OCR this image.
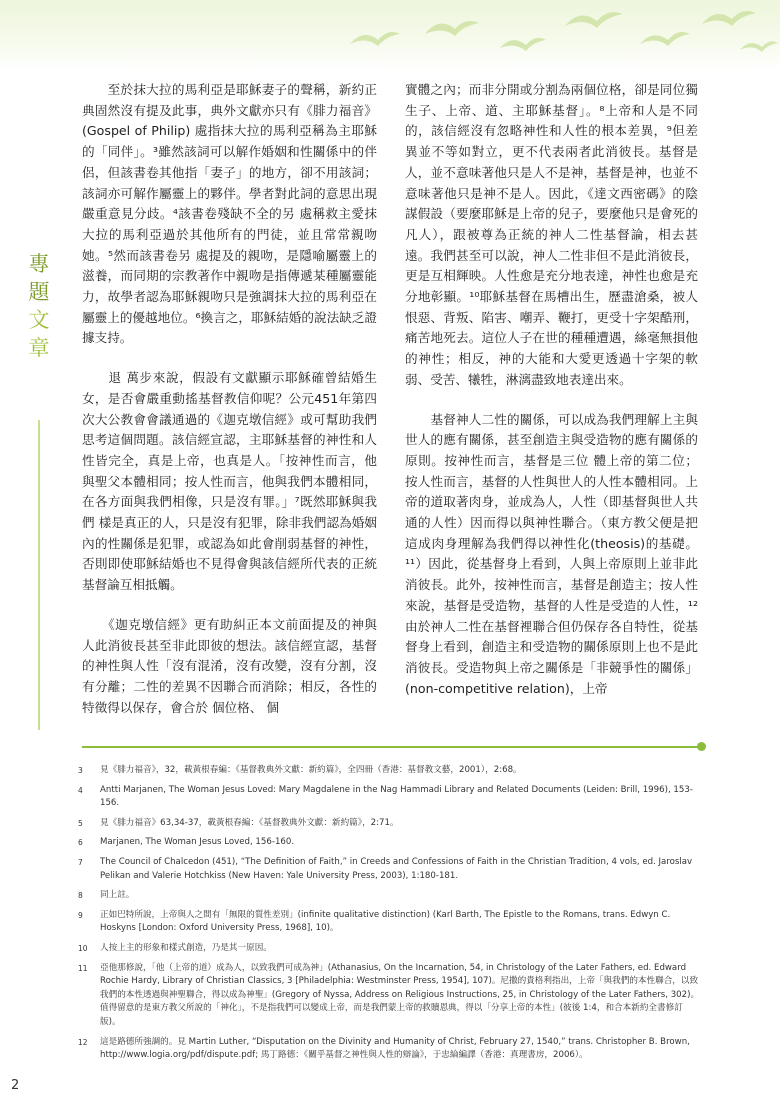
專
題
文
章

　　至於抹大拉的馬利亞是耶穌妻子的聲稱，新約正典固然沒有提及此事，典外文獻亦只有《腓力福音》(Gospel of Philip) 處指抹大拉的馬利亞稱為主耶穌的「同伴」。³雖然該詞可以解作婚姻和性關係中的伴侶，但該書卷其他指「妻子」的地方，卻不用該詞；該詞亦可解作屬靈上的夥伴。學者對此詞的意思出現嚴重意見分歧。⁴該書卷殘缺不全的另 處稱救主愛抹大拉的馬利亞過於其他所有的門徒，並且常常親吻她。⁵然而該書卷另 處提及的親吻，是隱喻屬靈上的滋養，而同期的宗教著作中親吻是指傳遞某種屬靈能力，故學者認為耶穌親吻只是強調抹大拉的馬利亞在屬靈上的優越地位。⁶換言之，耶穌結婚的說法缺乏證據支持。

　　退 萬步來說，假設有文獻顯示耶穌確曾結婚生女，是否會嚴重動搖基督教信仰呢？公元451年第四次大公教會會議通過的《迦克墩信經》或可幫助我們思考這個問題。該信經宣認，主耶穌基督的神性和人性皆完全，真是上帝，也真是人。「按神性而言，他與聖父本體相同；按人性而言，他與我們本體相同，在各方面與我們相像，只是沒有罪。」⁷既然耶穌與我們 樣是真正的人，只是沒有犯罪，除非我們認為婚姻內的性關係是犯罪，或認為如此會削弱基督的神性，否則即使耶穌結婚也不見得會與該信經所代表的正統基督論互相抵觸。

　　《迦克墩信經》更有助糾正本文前面提及的神與人此消彼長甚至非此即彼的想法。該信經宣認，基督的神性與人性「沒有混淆，沒有改變，沒有分割，沒有分離；二性的差異不因聯合而消除；相反，各性的特徵得以保存，會合於 個位格、 個

實體之內；而非分開或分割為兩個位格，卻是同位獨生子、上帝、道、主耶穌基督」。⁸上帝和人是不同的，該信經沒有忽略神性和人性的根本差異，⁹但差異並不等如對立，更不代表兩者此消彼長。基督是人，並不意味著他只是人不是神，基督是神，也並不意味著他只是神不是人。因此，《達文西密碼》的陰謀假設（要麼耶穌是上帝的兒子，要麼他只是會死的凡人），跟被尊為正統的神人二性基督論，相去甚遠。我們甚至可以說，神人二性非但不是此消彼長，更是互相輝映。人性愈是充分地表達，神性也愈是充分地彰顯。¹⁰耶穌基督在馬槽出生，歷盡滄桑，被人恨惡、背叛、陷害、嘲弄、鞭打，更受十字架酷刑，痛苦地死去。這位人子在世的種種遭遇，絲毫無損他的神性；相反，神的大能和大愛更透過十字架的軟弱、受苦、犧牲，淋漓盡致地表達出來。

　　基督神人二性的關係，可以成為我們理解上主與世人的應有關係，甚至創造主與受造物的應有關係的原則。按神性而言，基督是三位 體上帝的第二位；按人性而言，基督的人性與世人的人性本體相同。上帝的道取著肉身，並成為人，人性（即基督與世人共通的人性）因而得以與神性聯合。（東方教父便是把這成肉身理解為我們得以神性化(theosis)的基礎。¹¹）因此，從基督身上看到，人與上帝原則上並非此消彼長。此外，按神性而言，基督是創造主；按人性來說，基督是受造物，基督的人性是受造的人性，¹²由於神人二性在基督裡聯合但仍保存各自特性，從基督身上看到，創造主和受造物的關係原則上也不是此消彼長。受造物與上帝之關係是「非競爭性的關係」(non-competitive relation)，上帝

3	見《腓力福音》，32，載黃根春編：《基督教典外文獻：新約篇》，全四冊（香港：基督教文藝，2001），2:68。
4	Antti Marjanen, The Woman Jesus Loved: Mary Magdalene in the Nag Hammadi Library and Related Documents (Leiden: Brill, 1996), 153-156.
5	見《腓力福音》63,34-37，載黃根春編：《基督教典外文獻：新約篇》，2:71。
6	Marjanen, The Woman Jesus Loved, 156-160.
7	The Council of Chalcedon (451), “The Definition of Faith,” in Creeds and Confessions of Faith in the Christian Tradition, 4 vols, ed. Jaroslav Pelikan and Valerie Hotchkiss (New Haven: Yale University Press, 2003), 1:180-181.
8	同上註。
9	正如巴特所說，上帝與人之間有「無限的質性差別」(infinite qualitative distinction) (Karl Barth, The Epistle to the Romans, trans. Edwyn C. Hoskyns [London: Oxford University Press, 1968], 10)。
10	人按上主的形象和樣式創造，乃是其一原因。
11	亞他那修說，「他（上帝的道）成為人，以致我們可成為神」(Athanasius, On the Incarnation, 54, in Christology of the Later Fathers, ed. Edward Rochie Hardy, Library of Christian Classics, 3 [Philadelphia: Westminster Press, 1954], 107)。尼撒的貴格利指出，上帝「與我們的本性聯合，以致我們的本性透過與神聖聯合，得以成為神聖」(Gregory of Nyssa, Address on Religious Instructions, 25, in Christology of the Later Fathers, 302)。值得留意的是東方教父所說的「神化」，不是指我們可以變成上帝，而是我們蒙上帝的救贖恩典，得以「分享上帝的本性」(彼後 1:4，和合本新約全書修訂版)。
12	這是路德所強調的。見 Martin Luther, “Disputation on the Divinity and Humanity of Christ, February 27, 1540,” trans. Christopher B. Brown, http://www.logia.org/pdf/dispute.pdf; 馬丁路德：《關乎基督之神性與人性的辯論》，于忠綸編譯（香港：真理書房，2006）。
2
